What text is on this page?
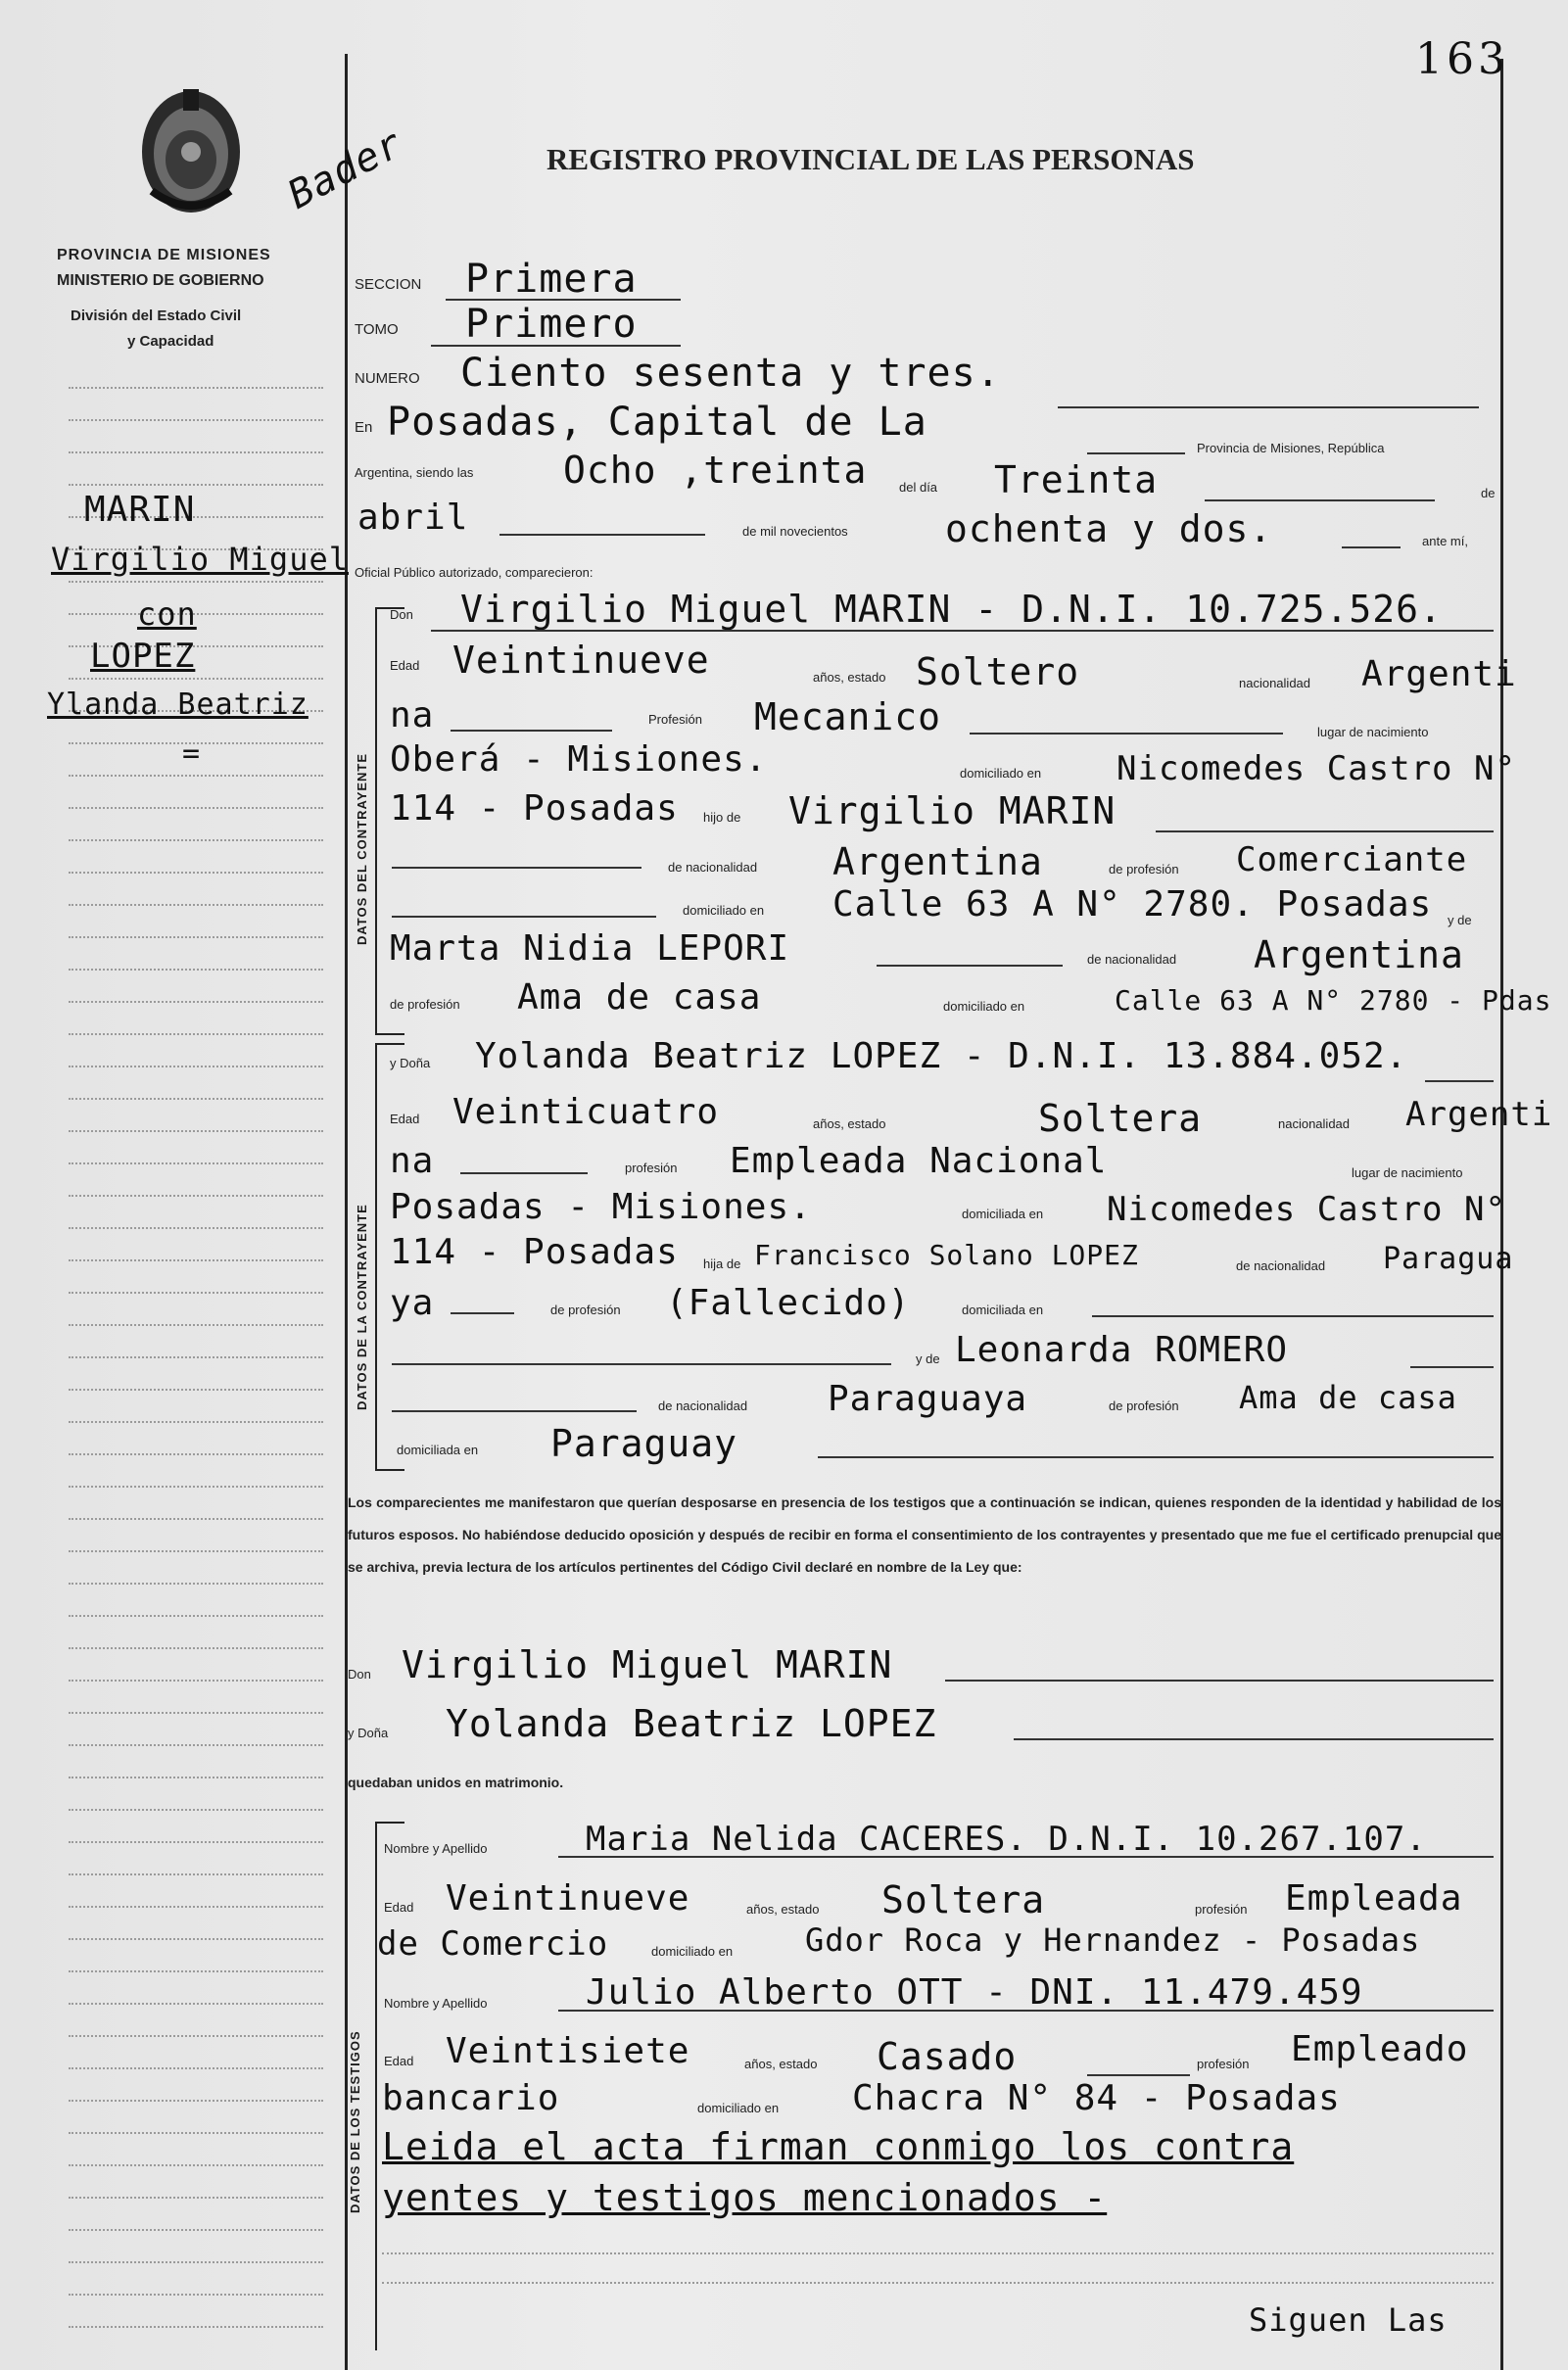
163
PROVINCIA DE MISIONES
MINISTERIO DE GOBIERNO
División del Estado Civil
y Capacidad
Bader	REGISTRO PROVINCIAL DE LAS PERSONAS
MARIN
Virgilio Miguel
con
LOPEZ
Ylanda Beatriz
=
SECCION Primera
TOMO Primero
NUMERO Ciento sesenta y tres.
En Posadas, Capital de La
Provincia de Misiones, República
Argentina, siendo las Ocho ,treinta	del día Treinta	de
abril	de mil novecientos	ochenta y dos.	ante mí,
Oficial Público autorizado, comparecieron:
DATOS DEL CONTRAYENTE
Don Virgilio Miguel MARIN - D.N.I. 10.725.526.
Edad Veintinueve	años, estado Soltero	nacionalidad Argenti
na	Profesión Mecanico	lugar de nacimiento
Oberá - Misiones.	domiciliado en Nicomedes Castro N°
114 - Posadas hijo de Virgilio MARIN
de nacionalidad Argentina	de profesión Comerciante
domiciliado en Calle 63 A N° 2780. Posadas y de
Marta Nidia LEPORI	de nacionalidad Argentina
de profesión Ama de casa	domiciliado en	Calle 63 A N° 2780 - Pdas
DATOS DE LA CONTRAYENTE
y Doña Yolanda Beatriz LOPEZ - D.N.I. 13.884.052.
Edad Veinticuatro	años, estado	Soltera	nacionalidad Argenti
na	profesión Empleada Nacional	lugar de nacimiento
Posadas - Misiones.	domiciliada en Nicomedes Castro N°
114 - Posadas hija de Francisco Solano LOPEZ	de nacionalidad Paragua
ya	de profesión (Fallecido)	domiciliada en
y de Leonarda ROMERO
de nacionalidad Paraguaya	de profesión Ama de casa
domiciliada en Paraguay
Los comparecientes me manifestaron que querían desposarse en presencia de los testigos que a continuación se indican, quienes responden de la identidad y habilidad de los futuros esposos. No habiéndose deducido oposición y después de recibir en forma el consentimiento de los contrayentes y presentado que me fue el certificado prenupcial que se archiva, previa lectura de los artículos pertinentes del Código Civil declaré en nombre de la Ley que:
Don Virgilio Miguel MARIN
y Doña Yolanda Beatriz LOPEZ
quedaban unidos en matrimonio.
DATOS DE LOS TESTIGOS
Nombre y Apellido	Maria Nelida CACERES. D.N.I. 10.267.107.
Edad Veintinueve	años, estado Soltera	profesión Empleada
de Comercio	domiciliado en Gdor Roca y Hernandez - Posadas
Nombre y Apellido	Julio Alberto OTT - DNI. 11.479.459
Edad Veintisiete	años, estado Casado	profesión Empleado
bancario	domiciliado en Chacra N° 84 - Posadas
Leida el acta firman conmigo los contra
yentes y testigos mencionados -
Siguen Las
